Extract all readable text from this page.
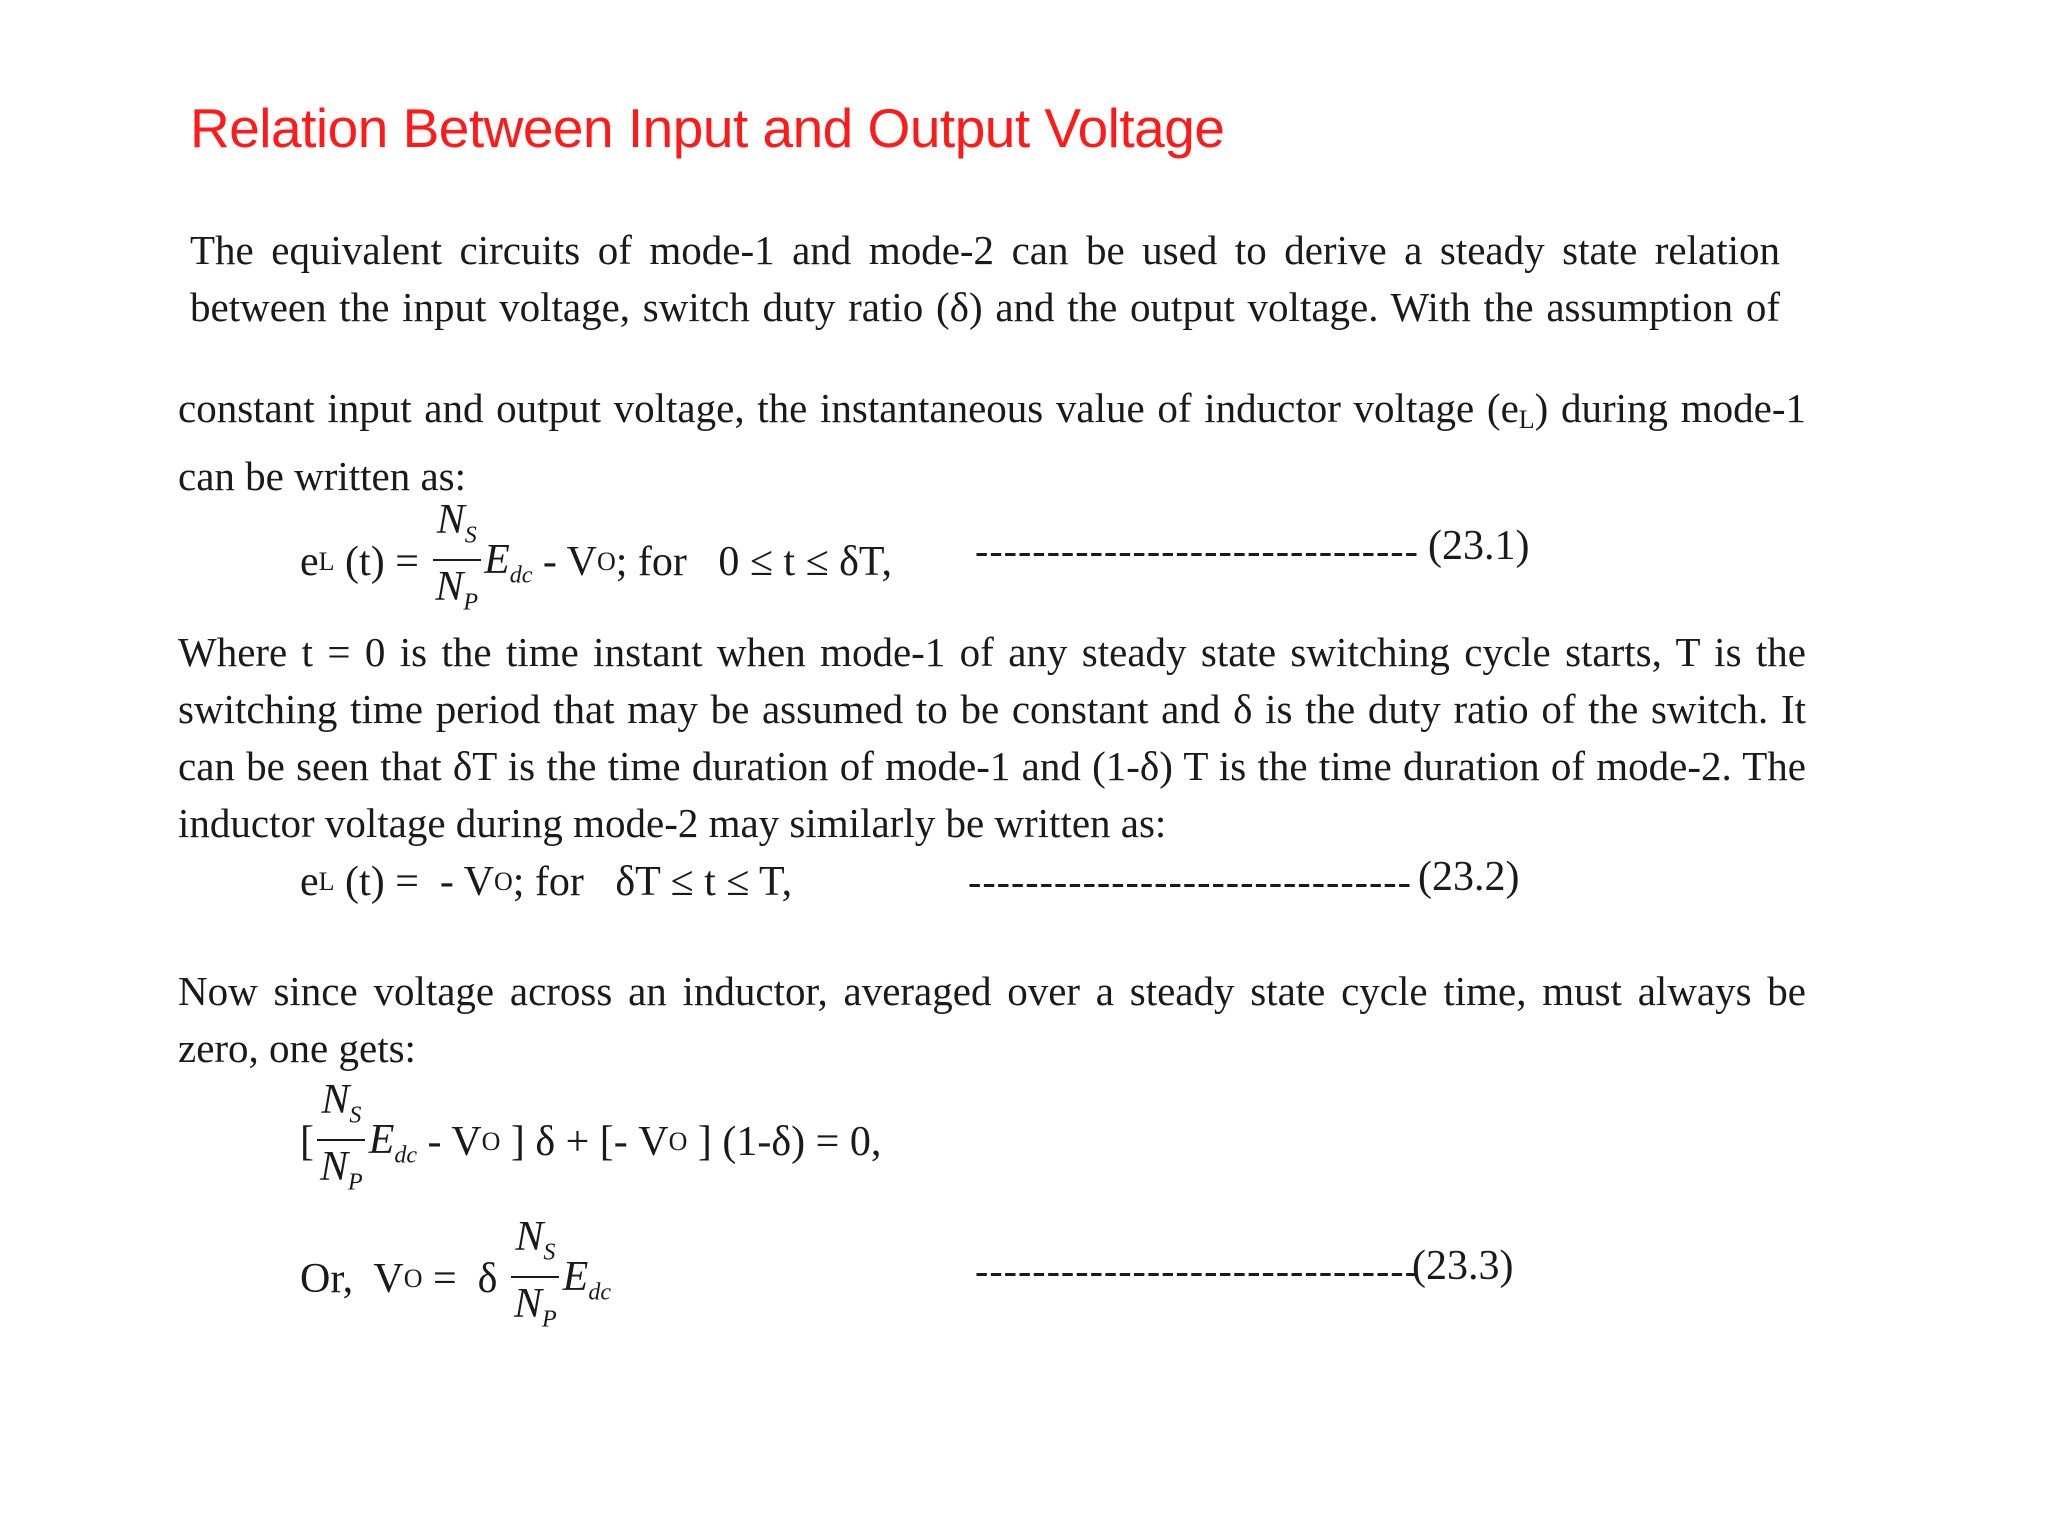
Relation Between Input and Output Voltage
The equivalent circuits of mode-1 and mode-2 can be used to derive a steady state relation between the input voltage, switch duty ratio (δ) and the output voltage. With the assumption of
constant input and output voltage, the instantaneous value of inductor voltage $(e_L)$ during mode-1 can be written as:
e L $(t) = \frac{N_S}{N_P} E_{dc} - V$ O ; for   0 ≤ t ≤ δT, ------------------------------- (23.1)
Where t = 0 is the time instant when mode-1 of any steady state switching cycle starts, T is the switching time period that may be assumed to be constant and δ is the duty ratio of the switch. It can be seen that δT is the time duration of mode-1 and (1-δ) T is the time duration of mode-2. The inductor voltage during mode-2 may similarly be written as:
e L (t) =  - V O ; for   δT ≤ t ≤ T,	------------------------------- (23.2)
Now since voltage across an inductor, averaged over a steady state cycle time, must always be zero, one gets:
[ $\frac{N_S}{N_P} E_{dc}$ - V O ] δ + [- V O ] (1-δ) = 0,
Or,  V O =  δ $\frac{N_S}{N_P} E_{dc}$	-------------------------------
(23.3)
